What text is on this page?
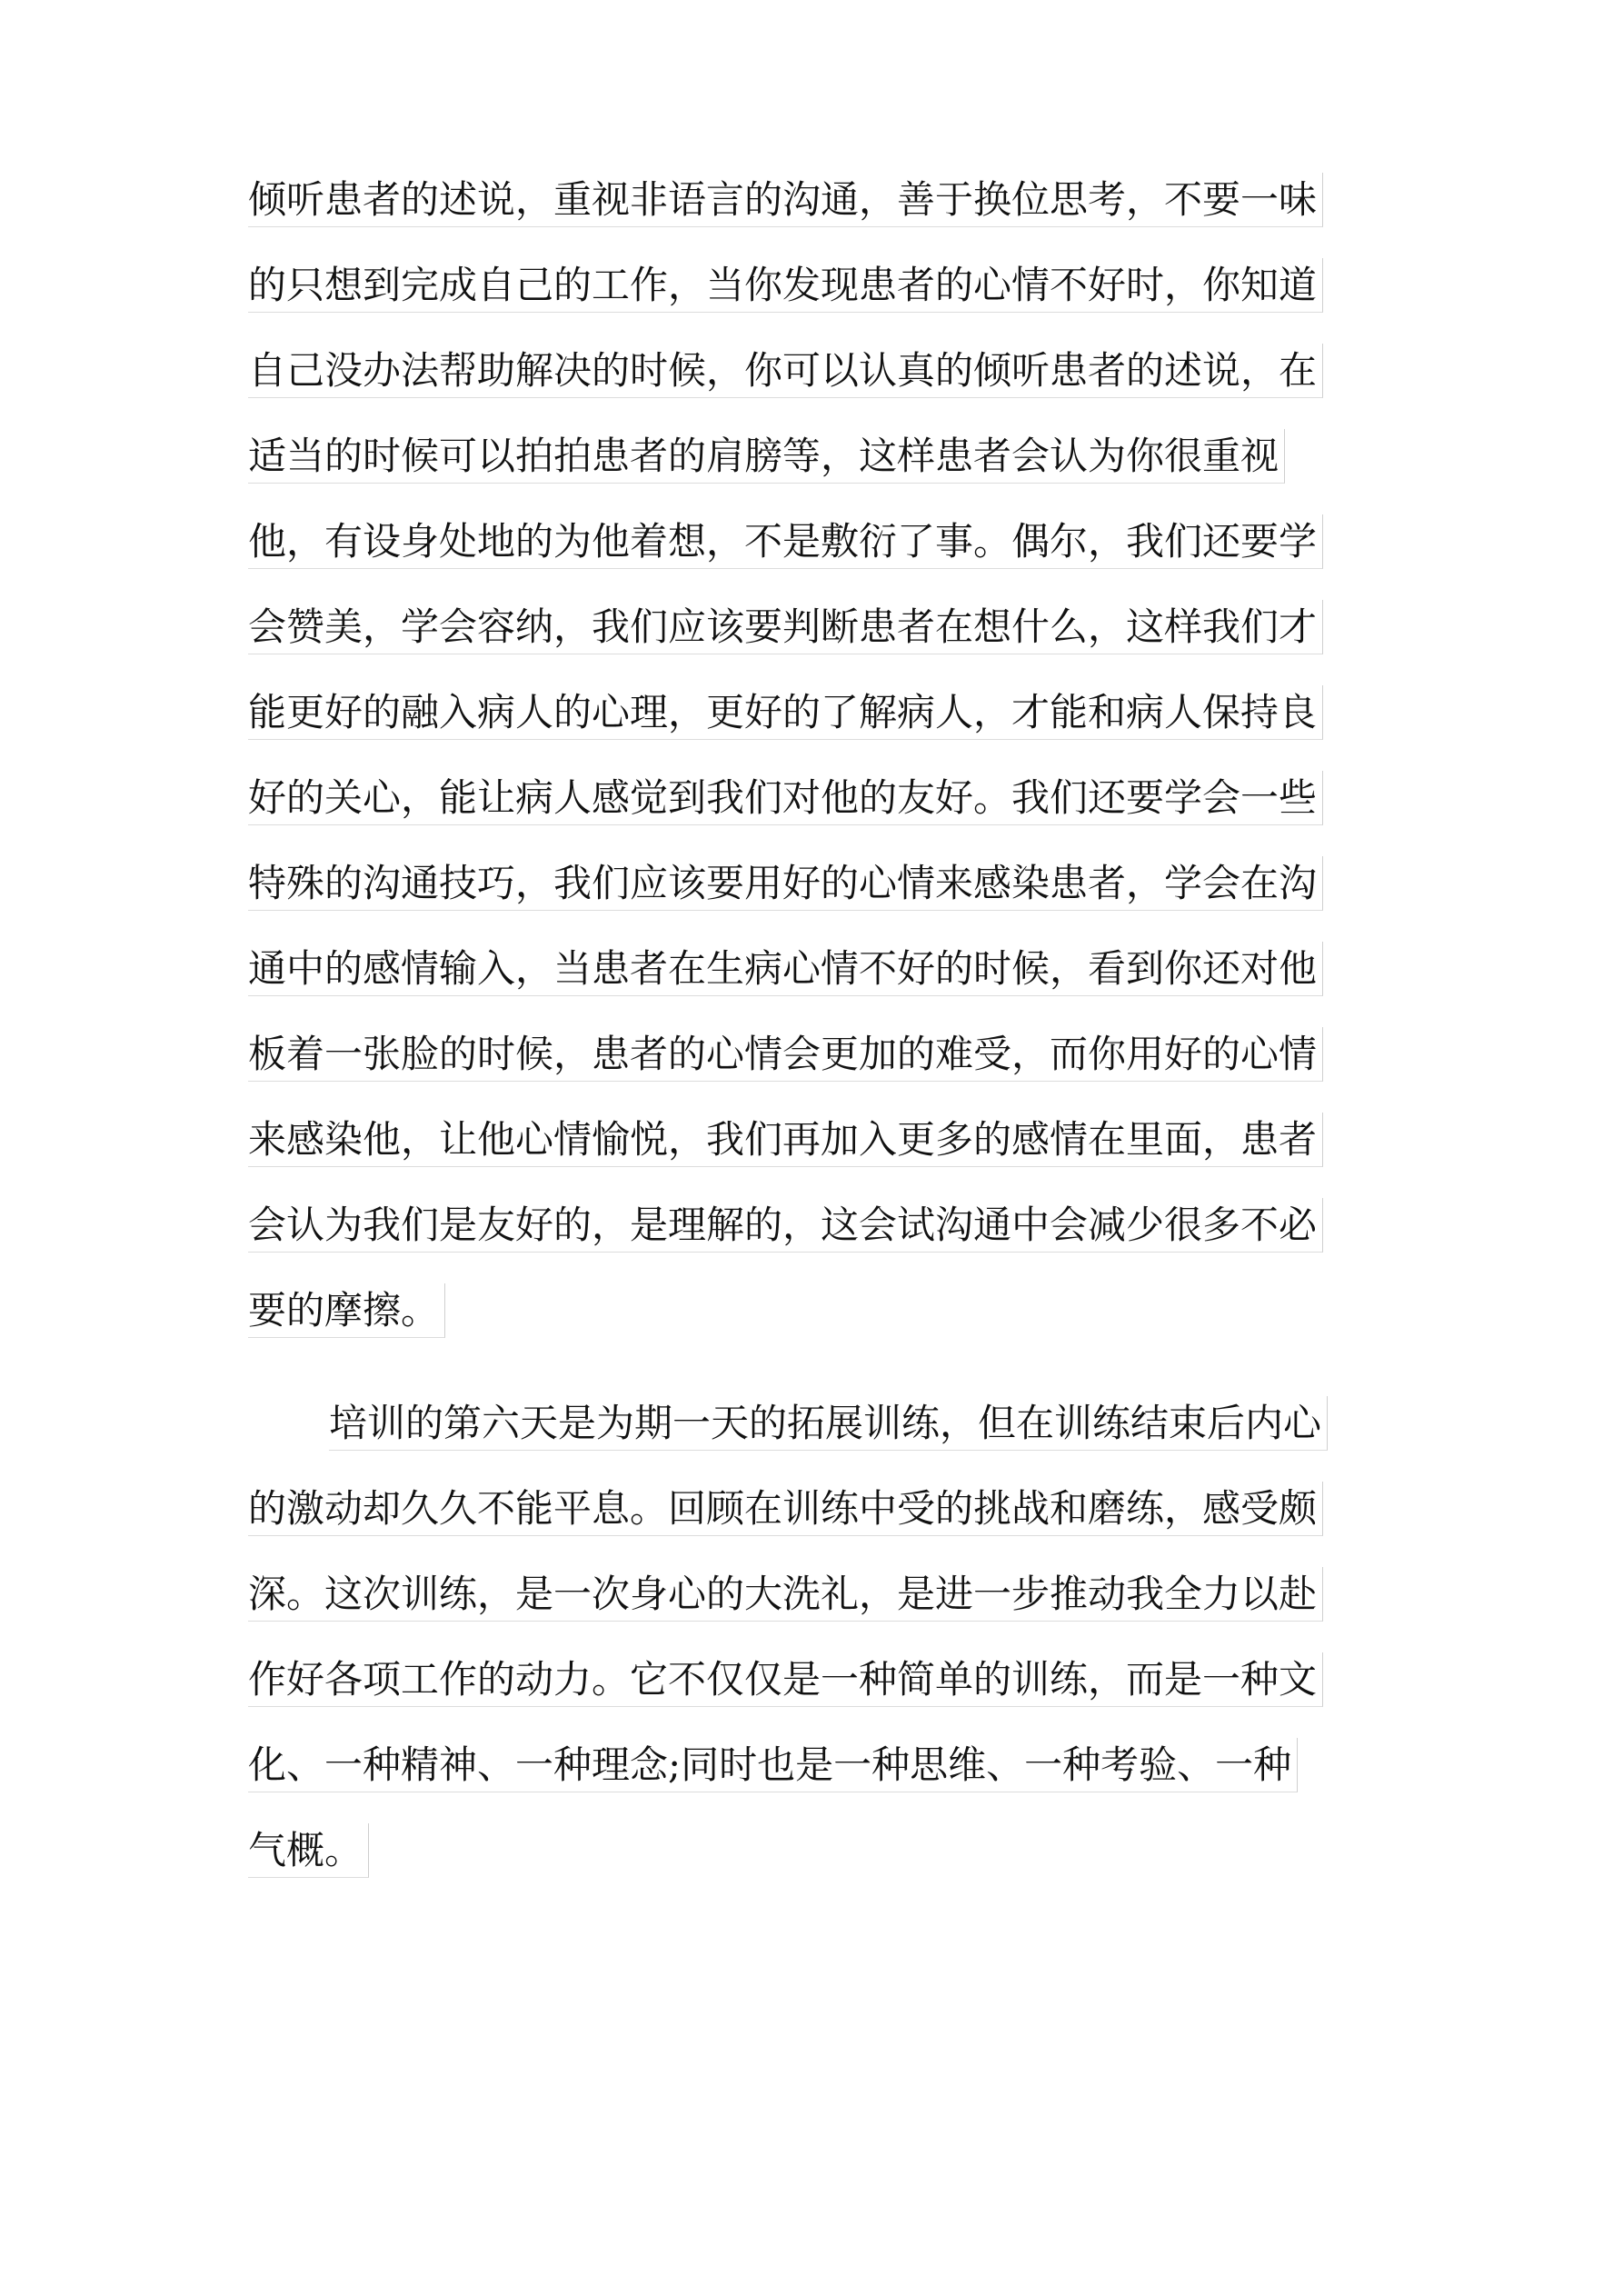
倾听患者的述说，重视非语言的沟通，善于换位思考，不要一味
的只想到完成自己的工作，当你发现患者的心情不好时，你知道
自己没办法帮助解决的时候，你可以认真的倾听患者的述说，在
适当的时候可以拍拍患者的肩膀等，这样患者会认为你很重视
他，有设身处地的为他着想，不是敷衍了事。偶尔，我们还要学
会赞美，学会容纳，我们应该要判断患者在想什么，这样我们才
能更好的融入病人的心理，更好的了解病人，才能和病人保持良
好的关心，能让病人感觉到我们对他的友好。我们还要学会一些
特殊的沟通技巧，我们应该要用好的心情来感染患者，学会在沟
通中的感情输入，当患者在生病心情不好的时候，看到你还对他
板着一张脸的时候，患者的心情会更加的难受，而你用好的心情
来感染他，让他心情愉悦，我们再加入更多的感情在里面，患者
会认为我们是友好的，是理解的，这会试沟通中会减少很多不必
要的摩擦。
培训的第六天是为期一天的拓展训练，但在训练结束后内心
的激动却久久不能平息。回顾在训练中受的挑战和磨练，感受颇
深。这次训练，是一次身心的大洗礼，是进一步推动我全力以赴
作好各项工作的动力。它不仅仅是一种简单的训练，而是一种文
化、一种精神、一种理念;同时也是一种思维、一种考验、一种
气概。
